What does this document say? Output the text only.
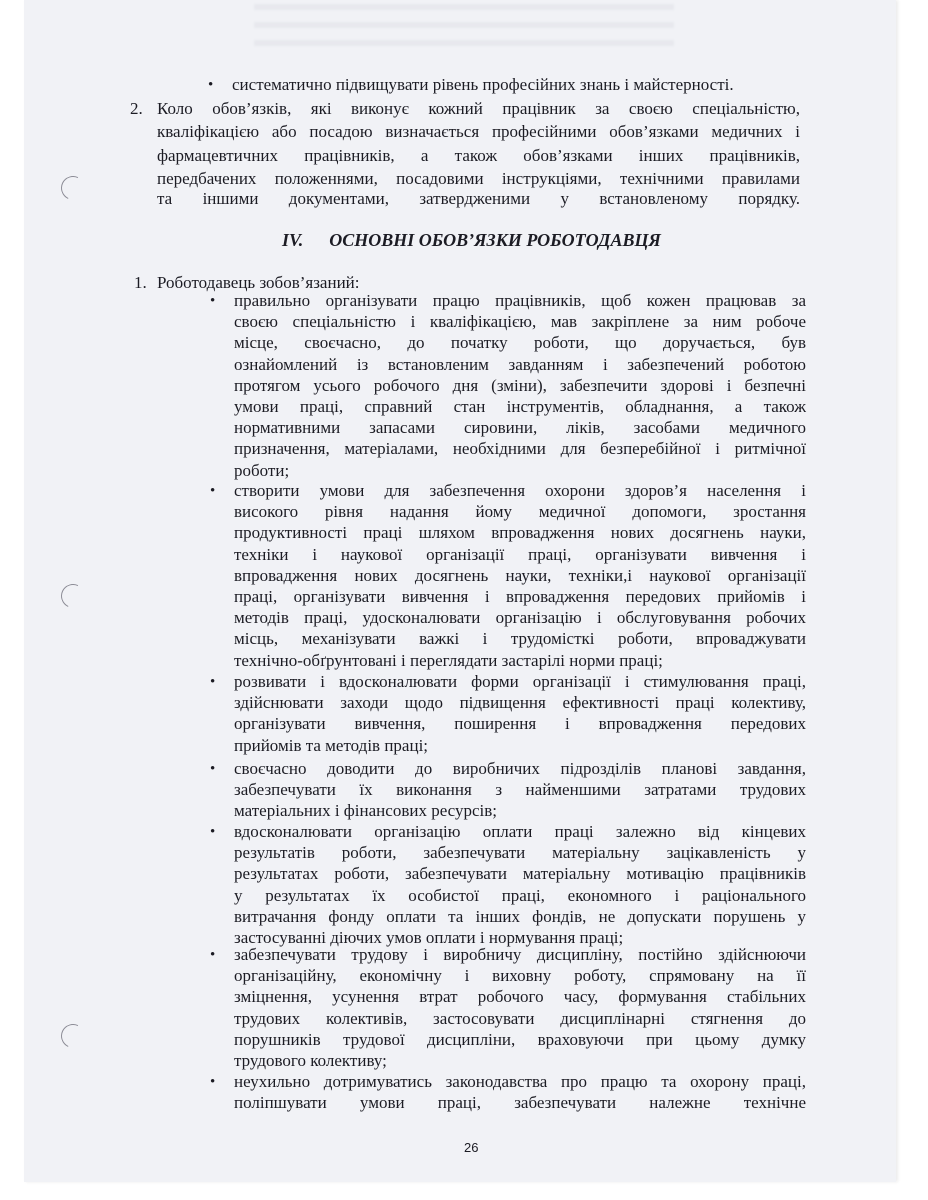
• систематично підвищувати рівень професійних знань і майстерності.
2. Коло обов’язків, які виконує кожний працівник за своєю спеціальністю,
кваліфікацією або посадою визначається професійними обов’язками медичних і
фармацевтичних працівників, а також обов’язками інших працівників,
передбачених положеннями, посадовими інструкціями, технічними правилами
та іншими документами, затвердженими у встановленому порядку.
IV. ОСНОВНІ ОБОВ’ЯЗКИ РОБОТОДАВЦЯ
1. Роботодавець зобов’язаний:
• правильно організувати працю працівників, щоб кожен працював за
своєю спеціальністю і кваліфікацією, мав закріплене за ним робоче
місце, своєчасно, до початку роботи, що доручається, був
ознайомлений із встановленим завданням і забезпечений роботою
протягом усього робочого дня (зміни), забезпечити здорові і безпечні
умови праці, справний стан інструментів, обладнання, а також
нормативними запасами сировини, ліків, засобами медичного
призначення, матеріалами, необхідними для безперебійної і ритмічної
роботи;
• створити умови для забезпечення охорони здоров’я населення і
високого рівня надання йому медичної допомоги, зростання
продуктивності праці шляхом впровадження нових досягнень науки,
техніки і наукової організації праці, організувати вивчення і
впровадження нових досягнень науки, техніки,і наукової організації
праці, організувати вивчення і впровадження передових прийомів і
методів праці, удосконалювати організацію і обслуговування робочих
місць, механізувати важкі і трудомісткі роботи, впроваджувати
технічно-обґрунтовані і переглядати застарілі норми праці;
• розвивати і вдосконалювати форми організації і стимулювання праці,
здійснювати заходи щодо підвищення ефективності праці колективу,
організувати вивчення, поширення і впровадження передових
прийомів та методів праці;
• своєчасно доводити до виробничих підрозділів планові завдання,
забезпечувати їх виконання з найменшими затратами трудових
матеріальних і фінансових ресурсів;
• вдосконалювати організацію оплати праці залежно від кінцевих
результатів роботи, забезпечувати матеріальну зацікавленість у
результатах роботи, забезпечувати матеріальну мотивацію працівників
у результатах їх особистої праці, економного і раціонального
витрачання фонду оплати та інших фондів, не допускати порушень у
застосуванні діючих умов оплати і нормування праці;
• забезпечувати трудову і виробничу дисципліну, постійно здійснюючи
організаційну, економічну і виховну роботу, спрямовану на її
зміцнення, усунення втрат робочого часу, формування стабільних
трудових колективів, застосовувати дисциплінарні стягнення до
порушників трудової дисципліни, враховуючи при цьому думку
трудового колективу;
• неухильно дотримуватись законодавства про працю та охорону праці,
поліпшувати умови праці, забезпечувати належне технічне
26
